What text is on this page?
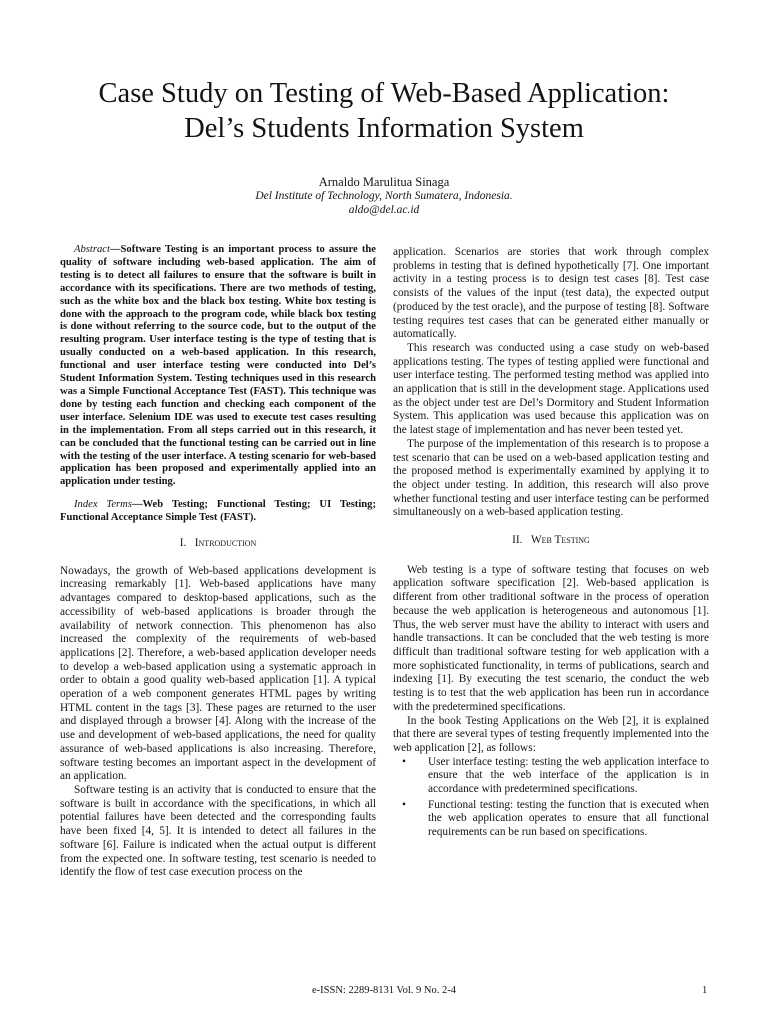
Case Study on Testing of Web-Based Application:
Del’s Students Information System
Arnaldo Marulitua Sinaga
Del Institute of Technology, North Sumatera, Indonesia.
aldo@del.ac.id

Abstract—Software Testing is an important process to assure the quality of software including web-based application. The aim of testing is to detect all failures to ensure that the software is built in accordance with its specifications. There are two methods of testing, such as the white box and the black box testing. White box testing is done with the approach to the program code, while black box testing is done without referring to the source code, but to the output of the resulting program. User interface testing is the type of testing that is usually conducted on a web-based application. In this research, functional and user interface testing were conducted into Del’s Student Information System. Testing techniques used in this research was a Simple Functional Acceptance Test (FAST). This technique was done by testing each function and checking each component of the user interface. Selenium IDE was used to execute test cases resulting in the implementation. From all steps carried out in this research, it can be concluded that the functional testing can be carried out in line with the testing of the user interface. A testing scenario for web-based application has been proposed and experimentally applied into an application under testing.

Index Terms—Web Testing; Functional Testing; UI Testing; Functional Acceptance Simple Test (FAST).

I. Introduction

Nowadays, the growth of Web-based applications development is increasing remarkably [1]. Web-based applications have many advantages compared to desktop-based applications, such as the accessibility of web-based applications is broader through the availability of network connection. This phenomenon has also increased the complexity of the requirements of web-based applications [2]. Therefore, a web-based application developer needs to develop a web-based application using a systematic approach in order to obtain a good quality web-based application [1]. A typical operation of a web component generates HTML pages by writing HTML content in the tags [3]. These pages are returned to the user and displayed through a browser [4]. Along with the increase of the use and development of web-based applications, the need for quality assurance of web-based applications is also increasing. Therefore, software testing becomes an important aspect in the development of an application.

Software testing is an activity that is conducted to ensure that the software is built in accordance with the specifications, in which all potential failures have been detected and the corresponding faults have been fixed [4, 5]. It is intended to detect all failures in the software [6]. Failure is indicated when the actual output is different from the expected one. In software testing, test scenario is needed to identify the flow of test case execution process on the

application. Scenarios are stories that work through complex problems in testing that is defined hypothetically [7]. One important activity in a testing process is to design test cases [8]. Test case consists of the values of the input (test data), the expected output (produced by the test oracle), and the purpose of testing [8]. Software testing requires test cases that can be generated either manually or automatically.

This research was conducted using a case study on web-based applications testing. The types of testing applied were functional and user interface testing. The performed testing method was applied into an application that is still in the development stage. Applications used as the object under test are Del’s Dormitory and Student Information System. This application was used because this application was on the latest stage of implementation and has never been tested yet.

The purpose of the implementation of this research is to propose a test scenario that can be used on a web-based application testing and the proposed method is experimentally examined by applying it to the object under testing. In addition, this research will also prove whether functional testing and user interface testing can be performed simultaneously on a web-based application testing.

II. Web Testing

Web testing is a type of software testing that focuses on web application software specification [2]. Web-based application is different from other traditional software in the process of operation because the web application is heterogeneous and autonomous [1]. Thus, the web server must have the ability to interact with users and handle transactions. It can be concluded that the web testing is more difficult than traditional software testing for web application with a more sophisticated functionality, in terms of publications, search and indexing [1]. By executing the test scenario, the conduct the web testing is to test that the web application has been run in accordance with the predetermined specifications.

In the book Testing Applications on the Web [2], it is explained that there are several types of testing frequently implemented into the web application [2], as follows:

• User interface testing: testing the web application interface to ensure that the web interface of the application is in accordance with predetermined specifications.
• Functional testing: testing the function that is executed when the web application operates to ensure that all functional requirements can be run based on specifications.
e-ISSN: 2289-8131 Vol. 9 No. 2-4	1
